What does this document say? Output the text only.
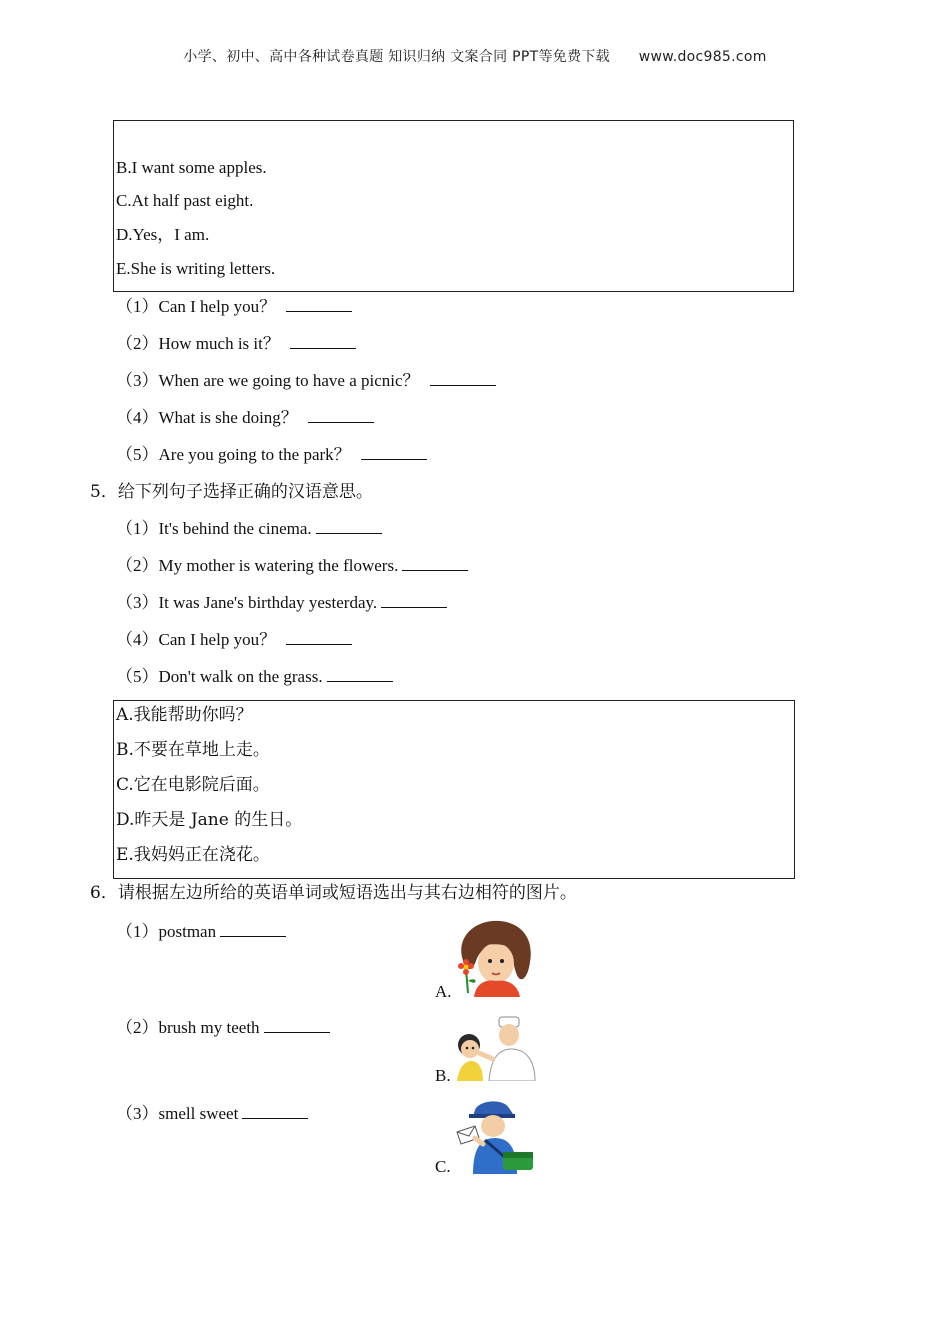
小学、初中、高中各种试卷真题 知识归纳 文案合同 PPT等免费下载 www.doc985.com
B.I want some apples.
C.At half past eight.
D.Yes，I am.
E.She is writing letters.
（1）Can I help you？
（2）How much is it？
（3）When are we going to have a picnic？
（4）What is she doing？
（5）Are you going to the park？
5．给下列句子选择正确的汉语意思。
（1）It's behind the cinema.
（2）My mother is watering the flowers.
（3）It was Jane's birthday yesterday.
（4）Can I help you？
（5）Don't walk on the grass.
A.我能帮助你吗？
B.不要在草地上走。
C.它在电影院后面。
D.昨天是 Jane 的生日。
E.我妈妈正在浇花。
6．请根据左边所给的英语单词或短语选出与其右边相符的图片。
（1）postman
（2）brush my teeth
（3）smell sweet
A.
B.
C.
